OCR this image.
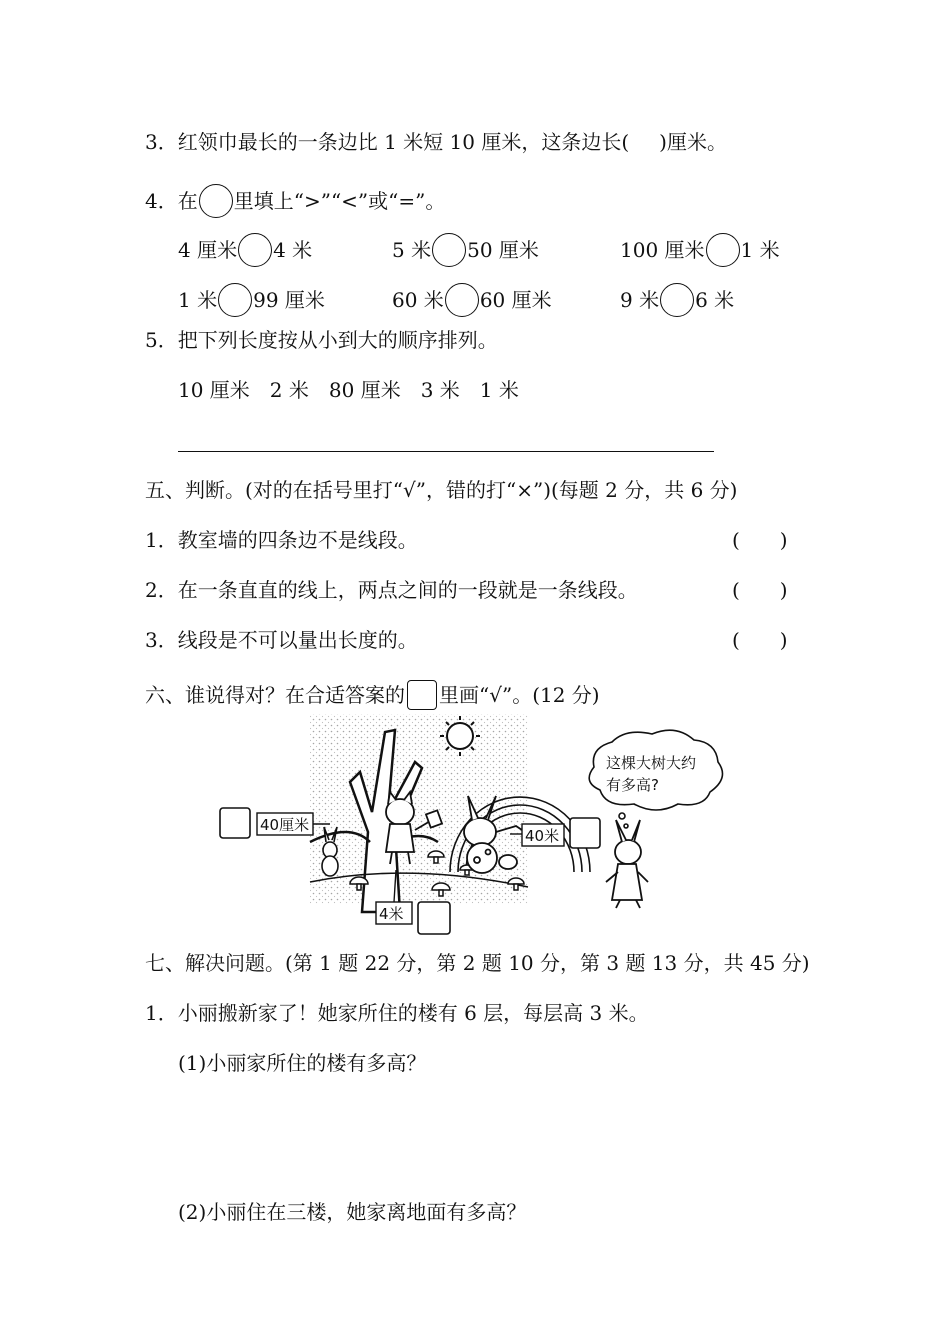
3．红领巾最长的一条边比 1 米短 10 厘米，这条边长( )厘米。
4．在 里填上“>”“<”或“=”。
4 厘米 4 米	5 米 50 厘米	100 厘米 1 米
1 米 99 厘米	60 米 60 厘米	9 米 6 米
5．把下列长度按从小到大的顺序排列。
10 厘米　2 米　80 厘米　3 米　1 米
五、判断。(对的在括号里打“√”，错的打“×”)(每题 2 分，共 6 分)
1．教室墙的四条边不是线段。	(　　)
2．在一条直直的线上，两点之间的一段就是一条线段。	(　　)
3．线段是不可以量出长度的。	(　　)
六、谁说得对？在合适答案的 里画“√”。(12 分)
这棵大树大约
有多高?
40厘米
40米
4米
七、解决问题。(第 1 题 22 分，第 2 题 10 分，第 3 题 13 分，共 45 分)
1．小丽搬新家了！她家所住的楼有 6 层，每层高 3 米。
(1)小丽家所住的楼有多高？
(2)小丽住在三楼，她家离地面有多高？
